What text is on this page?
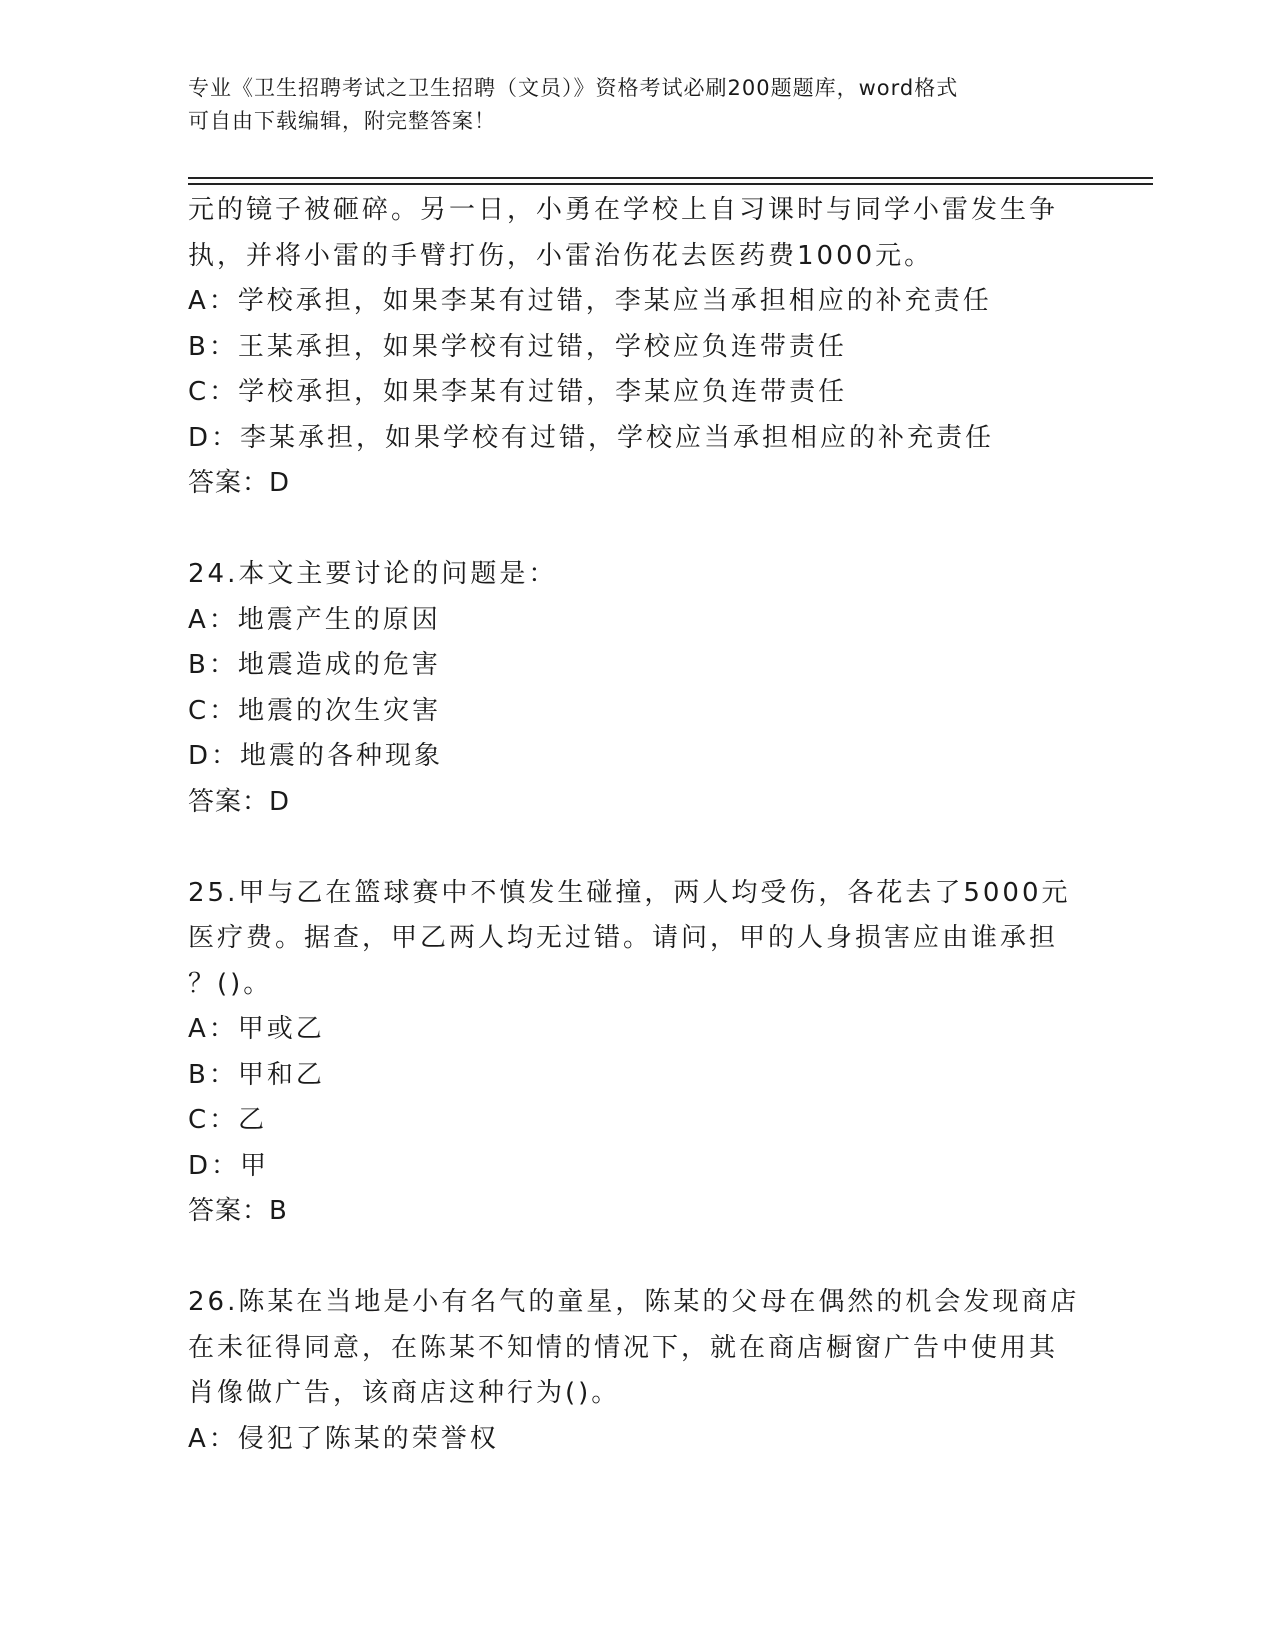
专业《卫生招聘考试之卫生招聘（文员）》资格考试必刷200题题库，word格式
可自由下载编辑，附完整答案！
元的镜子被砸碎。另一日，小勇在学校上自习课时与同学小雷发生争
执，并将小雷的手臂打伤，小雷治伤花去医药费1000元。
A：学校承担，如果李某有过错，李某应当承担相应的补充责任
B：王某承担，如果学校有过错，学校应负连带责任
C：学校承担，如果李某有过错，李某应负连带责任
D：李某承担，如果学校有过错，学校应当承担相应的补充责任
答案：D
24.本文主要讨论的问题是：
A：地震产生的原因
B：地震造成的危害
C：地震的次生灾害
D：地震的各种现象
答案：D
25.甲与乙在篮球赛中不慎发生碰撞，两人均受伤，各花去了5000元
医疗费。据查，甲乙两人均无过错。请问，甲的人身损害应由谁承担
？()。
A：甲或乙
B：甲和乙
C：乙
D：甲
答案：B
26.陈某在当地是小有名气的童星，陈某的父母在偶然的机会发现商店
在未征得同意，在陈某不知情的情况下，就在商店橱窗广告中使用其
肖像做广告，该商店这种行为()。
A：侵犯了陈某的荣誉权
